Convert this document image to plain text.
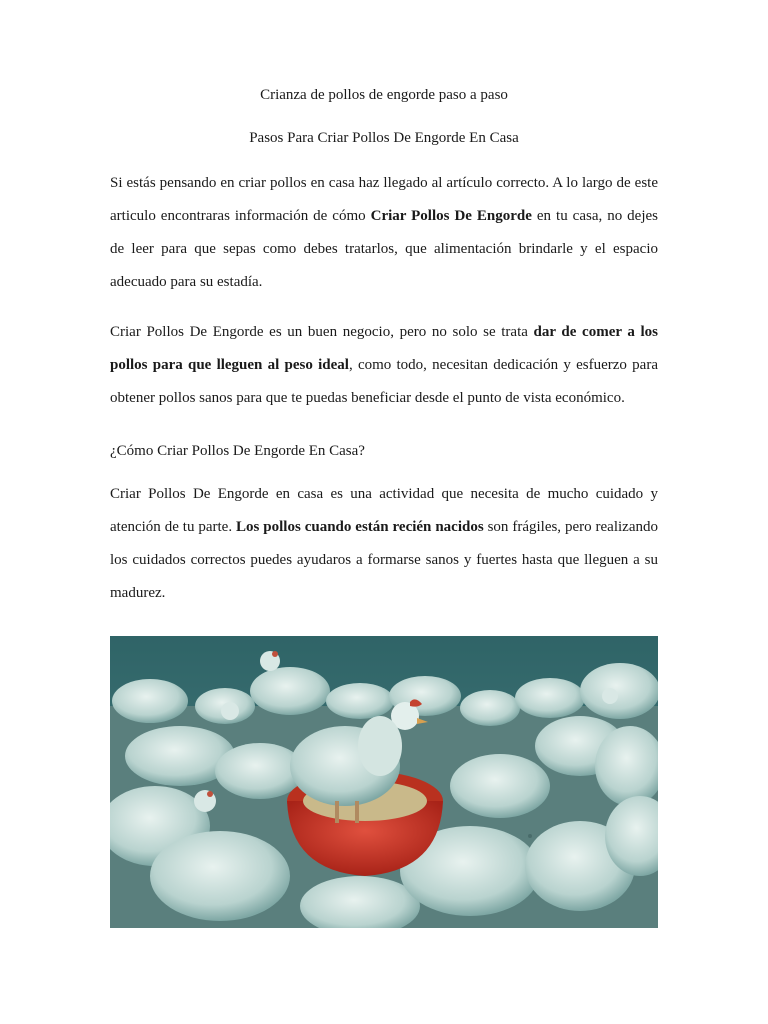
Crianza de pollos de engorde paso a paso
Pasos Para Criar Pollos De Engorde En Casa

Si estás pensando en criar pollos en casa haz llegado al artículo correcto. A lo largo de este articulo encontraras información de cómo Criar Pollos De Engorde en tu casa, no dejes de leer para que sepas como debes tratarlos, que alimentación brindarle y el espacio adecuado para su estadía.

Criar Pollos De Engorde es un buen negocio, pero no solo se trata dar de comer a los pollos para que lleguen al peso ideal, como todo, necesitan dedicación y esfuerzo para obtener pollos sanos para que te puedas beneficiar desde el punto de vista económico.

¿Cómo Criar Pollos De Engorde En Casa?

Criar Pollos De Engorde en casa es una actividad que necesita de mucho cuidado y atención de tu parte. Los pollos cuando están recién nacidos son frágiles, pero realizando los cuidados correctos puedes ayudaros a formarse sanos y fuertes hasta que lleguen a su madurez.
